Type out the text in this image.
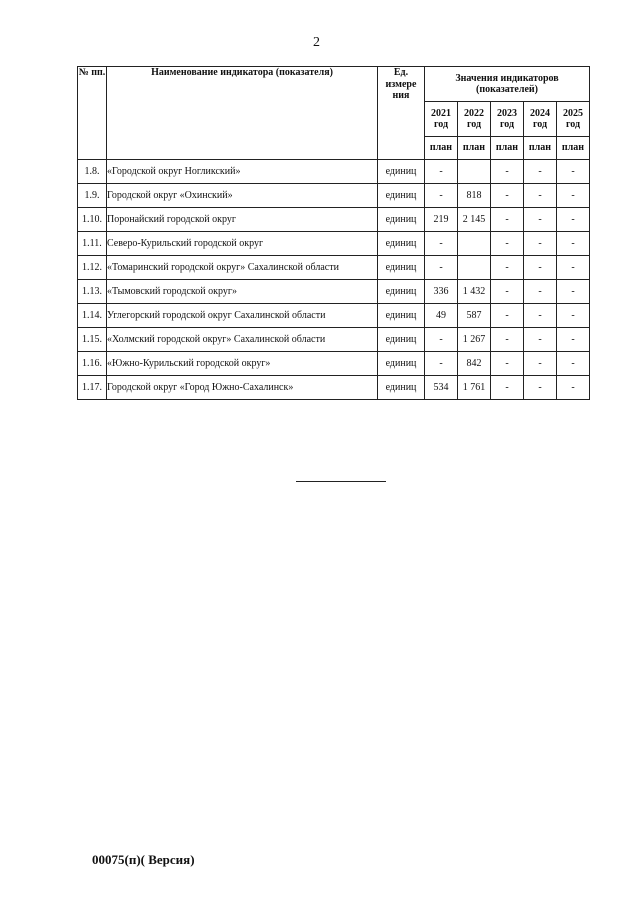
2
№ пп.	Наименование индикатора (показателя)	Ед. измере ния	Значения индикаторов (показателей)				
			2021 год	2022 год	2023 год	2024 год	2025 год
			план	план	план	план	план
1.8.	«Городской округ Ногликский»	единиц	-		-	-	-
1.9.	Городской округ «Охинский»	единиц	-	818	-	-	-
1.10.	Поронайский городской округ	единиц	219	2 145	-	-	-
1.11.	Северо-Курильский городской округ	единиц	-		-	-	-
1.12.	«Томаринский городской округ» Сахалинской области	единиц	-		-	-	-
1.13.	«Тымовский городской округ»	единиц	336	1 432	-	-	-
1.14.	Углегорский городской округ Сахалинской области	единиц	49	587	-	-	-
1.15.	«Холмский городской округ» Сахалинской области	единиц	-	1 267	-	-	-
1.16.	«Южно-Курильский городской округ»	единиц	-	842	-	-	-
1.17.	Городской округ «Город Южно-Сахалинск»	единиц	534	1 761	-	-	-
00075(п)( Версия)
